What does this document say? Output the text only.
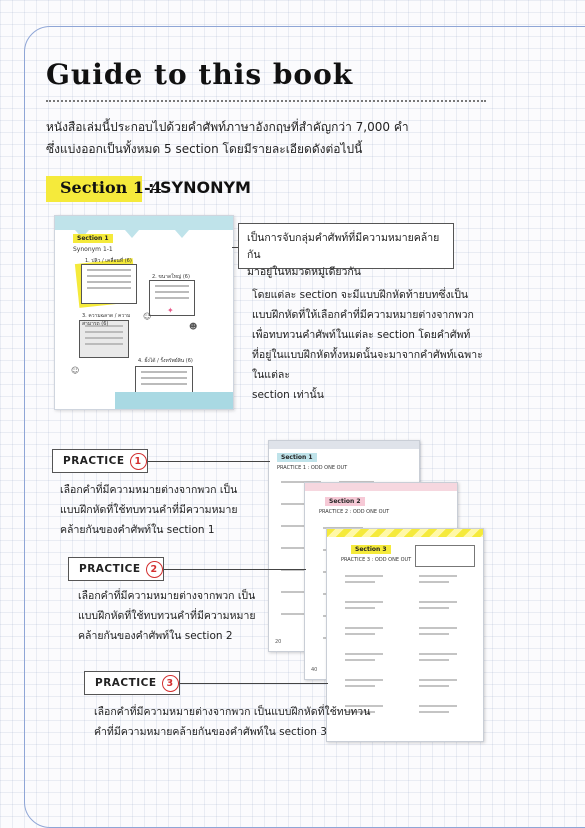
Guide to this book
หนังสือเล่มนี้ประกอบไปด้วยคำศัพท์ภาษาอังกฤษที่สำคัญกว่า 7,000 คำ
ซึ่งแบ่งออกเป็นทั้งหมด 5 section โดยมีรายละเอียดดังต่อไปนี้
Section 1-4
: SYNONYM
Section 1
Synonym 1-1
1. ปลิว / เคลื่อนที่ (6)
2. ขนาดใหญ่ (6)
3. ความฉลาด / ความสามารถ (6)
4. ยั้งได้ / รั้งทรัพย์สิน (6)
✦
☺
☻
☺
เป็นการจับกลุ่มคำศัพท์ที่มีความหมายคล้ายกัน
มาอยู่ในหมวดหมู่เดียวกัน
โดยแต่ละ section จะมีแบบฝึกหัดท้ายบทซึ่งเป็น
แบบฝึกหัดที่ให้เลือกคำที่มีความหมายต่างจากพวก
เพื่อทบทวนคำศัพท์ในแต่ละ section โดยคำศัพท์
ที่อยู่ในแบบฝึกหัดทั้งหมดนั้นจะมาจากคำศัพท์เฉพาะในแต่ละ
section เท่านั้น
Section 1
PRACTICE 1 : ODD ONE OUT
20
Section 2
PRACTICE 2 : ODD ONE OUT
40
Section 3
PRACTICE 3 : ODD ONE OUT
PRACTICE	1
เลือกคำที่มีความหมายต่างจากพวก เป็น
แบบฝึกหัดที่ใช้ทบทวนคำที่มีความหมาย
คล้ายกันของคำศัพท์ใน section 1
PRACTICE	2
เลือกคำที่มีความหมายต่างจากพวก เป็น
แบบฝึกหัดที่ใช้ทบทวนคำที่มีความหมาย
คล้ายกันของคำศัพท์ใน section 2
PRACTICE	3
เลือกคำที่มีความหมายต่างจากพวก เป็นแบบฝึกหัดที่ใช้ทบทวน
คำที่มีความหมายคล้ายกันของคำศัพท์ใน section 3
